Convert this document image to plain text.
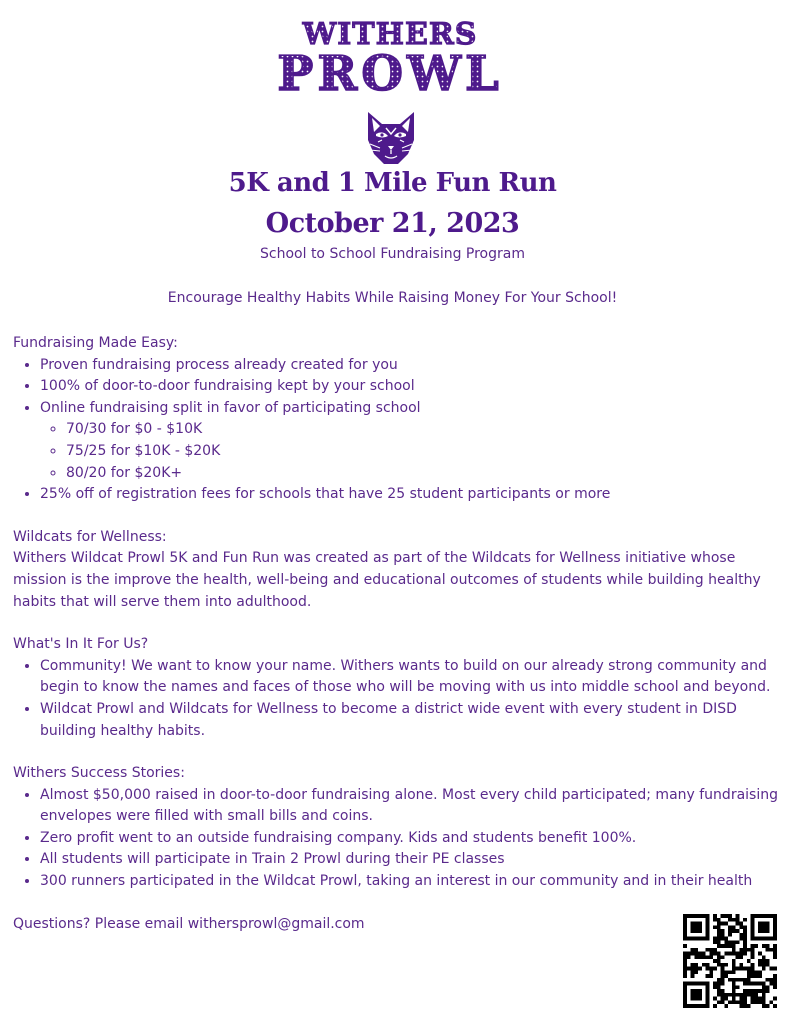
WITHERS
PROWL
5K and 1 Mile Fun Run
October 21, 2023
School to School Fundraising Program
Encourage Healthy Habits While Raising Money For Your School!

Fundraising Made Easy:

• Proven fundraising process already created for you
• 100% of door-to-door fundraising kept by your school
• Online fundraising split in favor of participating school
◦ 70/30 for $0 - $10K
◦ 75/25 for $10K - $20K
◦ 80/20 for $20K+
• 25% off of registration fees for schools that have 25 student participants or more

Wildcats for Wellness:

Withers Wildcat Prowl 5K and Fun Run was created as part of the Wildcats for Wellness initiative whose mission is the improve the health, well-being and educational outcomes of students while building healthy habits that will serve them into adulthood.

What's In It For Us?

• Community! We want to know your name. Withers wants to build on our already strong community and begin to know the names and faces of those who will be moving with us into middle school and beyond.
• Wildcat Prowl and Wildcats for Wellness to become a district wide event with every student in DISD building healthy habits.

Withers Success Stories:

• Almost $50,000 raised in door-to-door fundraising alone. Most every child participated; many fundraising envelopes were filled with small bills and coins.
• Zero profit went to an outside fundraising company. Kids and students benefit 100%.
• All students will participate in Train 2 Prowl during their PE classes
• 300 runners participated in the Wildcat Prowl, taking an interest in our community and in their health

Questions? Please email withersprowl@gmail.com
